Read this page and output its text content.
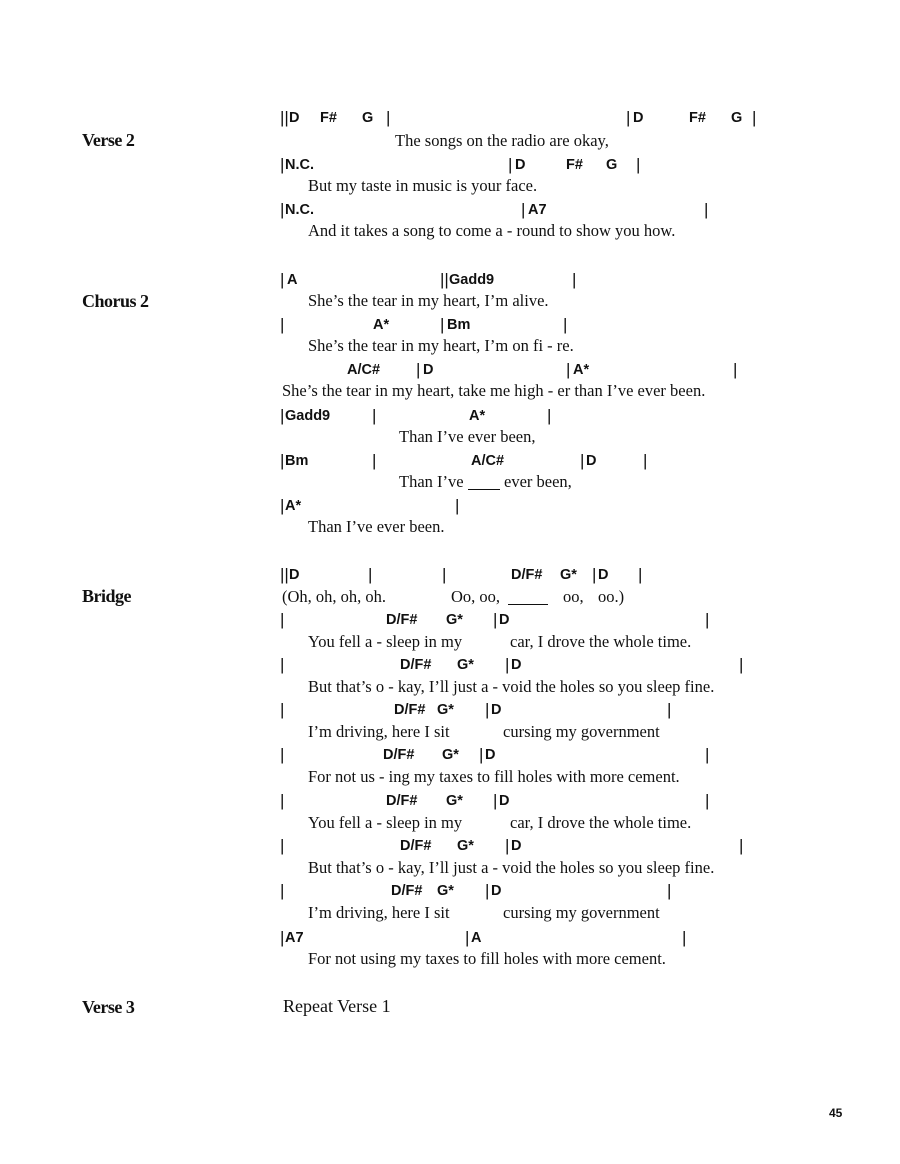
Verse 2
Chorus 2
Bridge
Verse 3
|| D F# G |	| D	F# G |
The songs on the radio are okay,
| N.C.	| D	F# G |
But my taste in music is your face.
| N.C.	| A7	|
And it takes a song to come a - round to show you how.
| A	|| Gadd9	|
She’s the tear in my heart, I’m alive.
|	A*	| Bm	|
She’s the tear in my heart, I’m on fi - re.
A/C# | D	| A*	|
She’s the tear in my heart, take me high - er than I’ve ever been.
| Gadd9 |	A*	|
Than I’ve ever been,
| Bm	|	A/C#	| D	|
Than I’ve ever been,
| A*	|
Than I’ve ever been.
|| D	|	|	D/F# G* | D |
(Oh, oh, oh, oh.	Oo, oo,	oo, oo.)
|	D/F# G* | D	|
You fell a - sleep in my	car, I drove the whole time.
|	D/F# G* | D	|
But that’s o - kay, I’ll just a - void the holes so you sleep fine.
|	D/F# G* | D	|
I’m driving, here I sit	cursing my government
|	D/F# G* | D	|
For not us - ing my taxes to fill holes with more cement.
|	D/F# G* | D	|
You fell a - sleep in my	car, I drove the whole time.
|	D/F# G* | D	|
But that’s o - kay, I’ll just a - void the holes so you sleep fine.
|	D/F# G* | D	|
I’m driving, here I sit	cursing my government
| A7	| A	|
For not using my taxes to fill holes with more cement.
Repeat Verse 1
45
